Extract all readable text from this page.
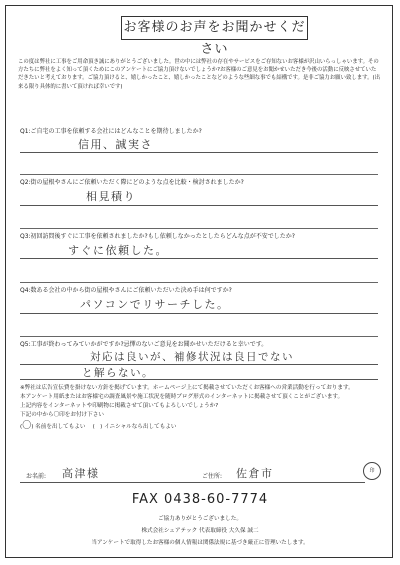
お客様のお声をお聞かせください
この度は弊社に工事をご用命頂き誠にありがとうございました。世の中には弊社の存在やサービスをご存知ないお客様が沢山いらっしゃいます。その方たちに弊社をよく知って頂くためにこのアンケートにご協力頂けないでしょうか?お客様のご意見をお聞かせいただき今後の活動に反映させていただきたいと考えております。ご協力頂けると、嬉しかったこと、嬉しかったことなどのような些細な事でも結構です。是非ご協力お願い致します。(出来る限り具体的に書いて頂ければ幸いです)
Q1:ご自宅の工事を依頼する会社にはどんなことを期待しましたか?
信用、誠実さ
Q2:街の屋根やさんにご依頼いただく際にどのような点を比較・検討されましたか?
相見積り
Q3:初回訪問後すぐに工事を依頼されましたか?もし依頼しなかったとしたらどんな点が不安でしたか?
すぐに依頼した。
Q4:数ある会社の中から街の屋根やさんにご依頼いただいた決め手は何ですか?
パソコンでリサーチした。
Q5:工事が終わってみていかがですか?忌憚のないご意見をお聞かせいただけると幸いです。
対応は良いが、補修状況は良日でない
と解らない。
※弊社は広告宣伝費を掛けない方針を掲げています。ホームページ上にて掲載させていただくお客様への営業活動を行っております。
本アンケート用紙またはお客様宅の調査風景や施工状況を随時ブログ形式のインターネットに掲載させて頂くことがございます。
上記内容をインターネットや印刷物に掲載させて頂いてもよろしいでしょうか?
下記の中から〇印をお付け下さい
(〇) 名前を出してもよい    (   ) イニシャルなら出してもよい
お名前: 高津様	ご住所: 佐倉市	印
FAX 0438-60-7774
ご協力ありがとうございました。
株式会社シェアテック 代表取締役 大久保 誠二
当アンケートで取得したお客様の個人情報は関係法規に基づき厳正に管理いたします。
